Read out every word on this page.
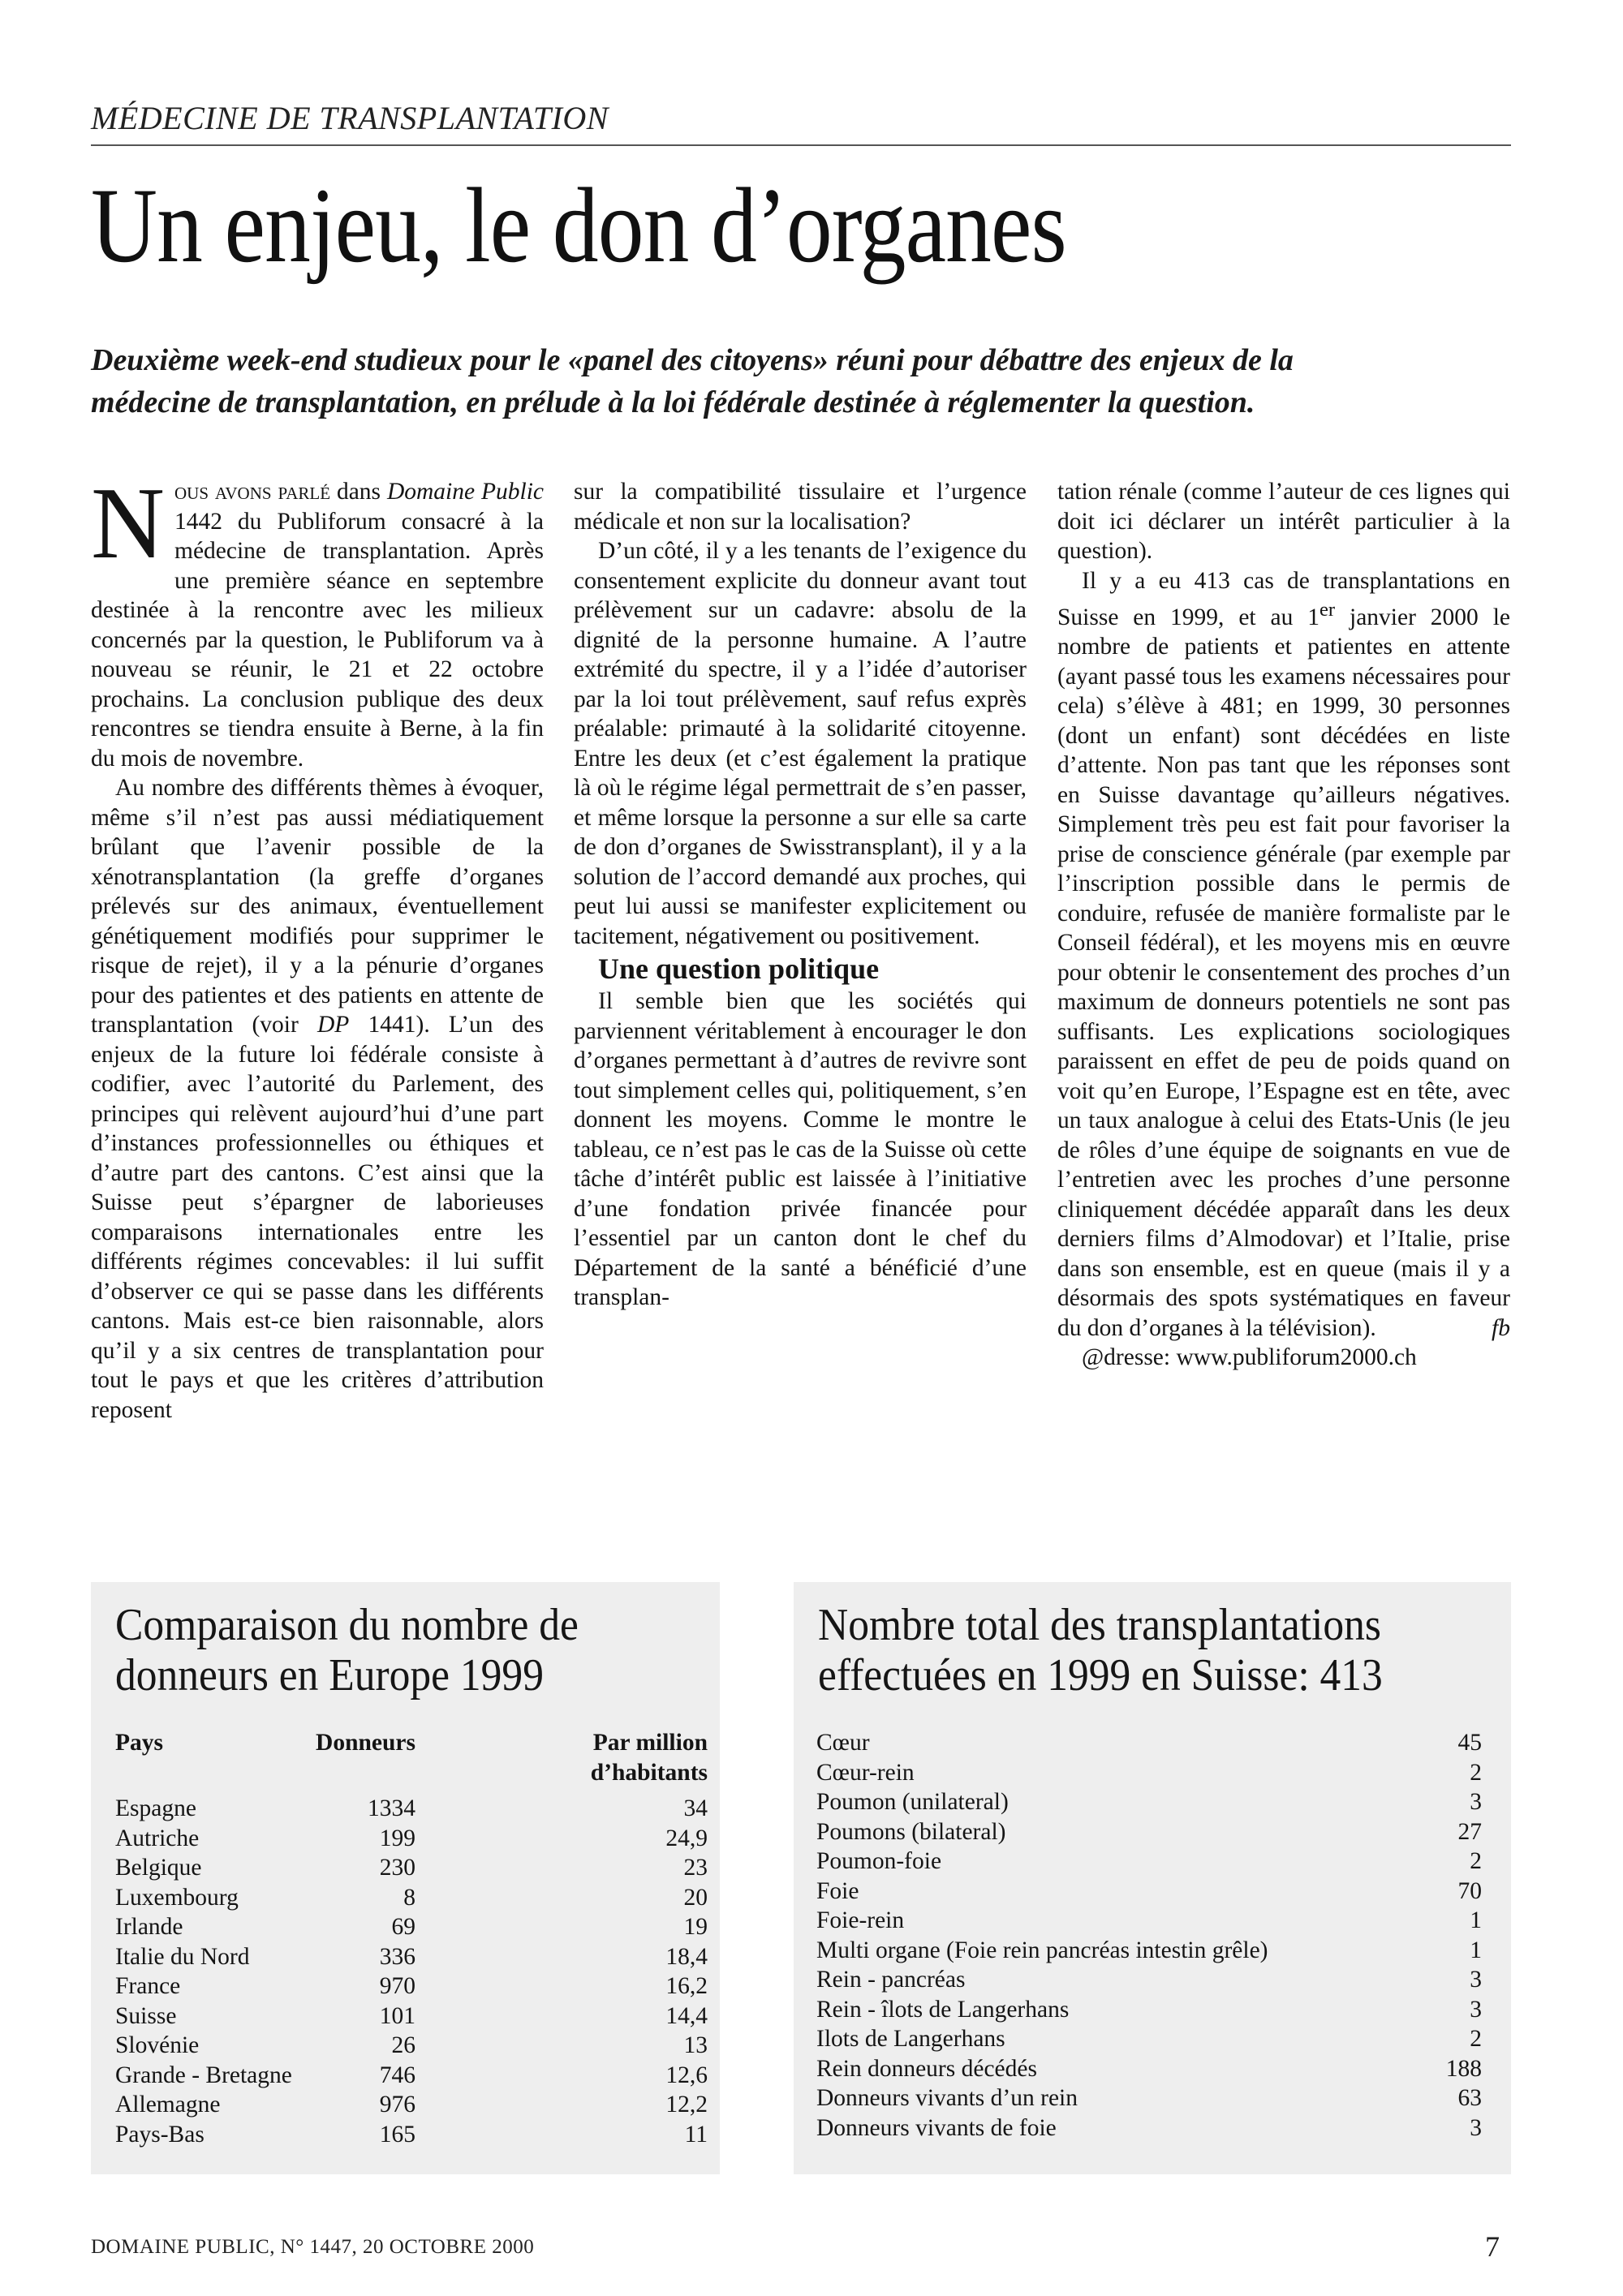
MÉDECINE DE TRANSPLANTATION
Un enjeu, le don d’organes
Deuxième week-end studieux pour le «panel des citoyens» réuni pour débattre des enjeux de la médecine de transplantation, en prélude à la loi fédérale destinée à réglementer la question.

Nous avons parlé dans Domaine Public 1442 du Publiforum consacré à la médecine de transplantation. Après une première séance en septembre destinée à la rencontre avec les milieux concernés par la question, le Publiforum va à nouveau se réunir, le 21 et 22 octobre prochains. La conclusion publique des deux rencontres se tiendra ensuite à Berne, à la fin du mois de novembre.

Au nombre des différents thèmes à évoquer, même s’il n’est pas aussi médiatiquement brûlant que l’avenir possible de la xénotransplantation (la greffe d’organes prélevés sur des animaux, éventuellement génétiquement modifiés pour supprimer le risque de rejet), il y a la pénurie d’organes pour des patientes et des patients en attente de transplantation (voir DP 1441). L’un des enjeux de la future loi fédérale consiste à codifier, avec l’autorité du Parlement, des principes qui relèvent aujourd’hui d’une part d’instances professionnelles ou éthiques et d’autre part des cantons. C’est ainsi que la Suisse peut s’épargner de laborieuses comparaisons internationales entre les différents régimes concevables: il lui suffit d’observer ce qui se passe dans les différents cantons. Mais est-ce bien raisonnable, alors qu’il y a six centres de transplantation pour tout le pays et que les critères d’attribution reposent

sur la compatibilité tissulaire et l’urgence médicale et non sur la localisation?

D’un côté, il y a les tenants de l’exigence du consentement explicite du donneur avant tout prélèvement sur un cadavre: absolu de la dignité de la personne humaine. A l’autre extrémité du spectre, il y a l’idée d’autoriser par la loi tout prélèvement, sauf refus exprès préalable: primauté à la solidarité citoyenne. Entre les deux (et c’est également la pratique là où le régime légal permettrait de s’en passer, et même lorsque la personne a sur elle sa carte de don d’organes de Swisstransplant), il y a la solution de l’accord demandé aux proches, qui peut lui aussi se manifester explicitement ou tacitement, négativement ou positivement.

Une question politique

Il semble bien que les sociétés qui parviennent véritablement à encourager le don d’organes permettant à d’autres de revivre sont tout simplement celles qui, politiquement, s’en donnent les moyens. Comme le montre le tableau, ce n’est pas le cas de la Suisse où cette tâche d’intérêt public est laissée à l’initiative d’une fondation privée financée pour l’essentiel par un canton dont le chef du Département de la santé a bénéficié d’une transplan-

tation rénale (comme l’auteur de ces lignes qui doit ici déclarer un intérêt particulier à la question).

Il y a eu 413 cas de transplantations en Suisse en 1999, et au 1er janvier 2000 le nombre de patients et patientes en attente (ayant passé tous les examens nécessaires pour cela) s’élève à 481; en 1999, 30 personnes (dont un enfant) sont décédées en liste d’attente. Non pas tant que les réponses sont en Suisse davantage qu’ailleurs négatives. Simplement très peu est fait pour favoriser la prise de conscience générale (par exemple par l’inscription possible dans le permis de conduire, refusée de manière formaliste par le Conseil fédéral), et les moyens mis en œuvre pour obtenir le consentement des proches d’un maximum de donneurs potentiels ne sont pas suffisants. Les explications sociologiques paraissent en effet de peu de poids quand on voit qu’en Europe, l’Espagne est en tête, avec un taux analogue à celui des Etats-Unis (le jeu de rôles d’une équipe de soignants en vue de l’entretien avec les proches d’une personne cliniquement décédée apparaît dans les deux derniers films d’Almodovar) et l’Italie, prise dans son ensemble, est en queue (mais il y a désormais des spots systématiques en faveur du don d’organes à la télévision).	fb

@dresse: www.publiforum2000.ch

Comparaison du nombre de
donneurs en Europe 1999
Pays	Donneurs	Par million
d’habitants
Espagne	1334	34
Autriche	199	24,9
Belgique	230	23
Luxembourg	8	20
Irlande	69	19
Italie du Nord	336	18,4
France	970	16,2
Suisse	101	14,4
Slovénie	26	13
Grande - Bretagne	746	12,6
Allemagne	976	12,2
Pays-Bas	165	11
Nombre total des transplantations
effectuées en 1999 en Suisse: 413
Cœur	45
Cœur-rein	2
Poumon (unilateral)	3
Poumons (bilateral)	27
Poumon-foie	2
Foie	70
Foie-rein	1
Multi organe (Foie rein pancréas intestin grêle)	1
Rein - pancréas	3
Rein - îlots de Langerhans	3
Ilots de Langerhans	2
Rein donneurs décédés	188
Donneurs vivants d’un rein	63
Donneurs vivants de foie	3
DOMAINE PUBLIC, N° 1447, 20 OCTOBRE 2000	7
